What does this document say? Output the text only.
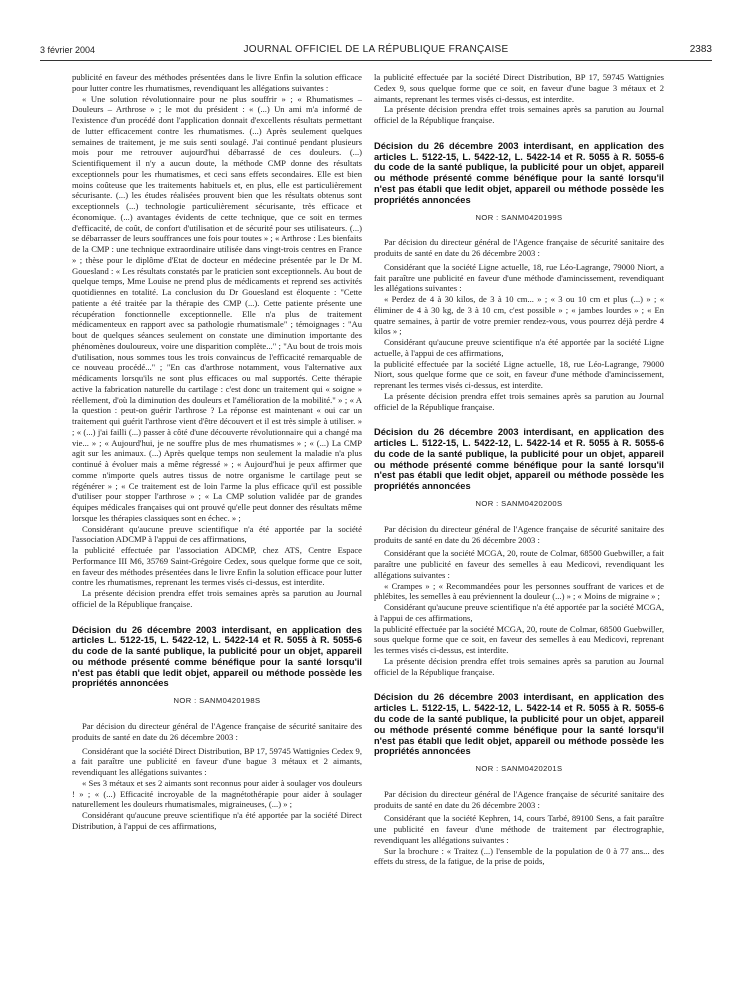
3 février 2004	JOURNAL OFFICIEL DE LA RÉPUBLIQUE FRANÇAISE	2383

publicité en faveur des méthodes présentées dans le livre Enfin la solution efficace pour lutter contre les rhumatismes, revendiquant les allégations suivantes :

« Une solution révolutionnaire pour ne plus souffrir » ; « Rhumatismes – Douleurs – Arthrose » ; le mot du président : « (...) Un ami m'a informé de l'existence d'un procédé dont l'application donnait d'excellents résultats permettant de lutter efficacement contre les rhumatismes. (...) Après seulement quelques semaines de traitement, je me suis senti soulagé. J'ai continué pendant plusieurs mois pour me retrouver aujourd'hui débarrassé de ces douleurs. (...) Scientifiquement il n'y a aucun doute, la méthode CMP donne des résultats exceptionnels pour les rhumatismes, et ceci sans effets secondaires. Elle est bien moins coûteuse que les traitements habituels et, en plus, elle est particulièrement sécurisante. (...) les études réalisées prouvent bien que les résultats obtenus sont exceptionnels (...) technologie particulièrement sécurisante, très efficace et économique. (...) avantages évidents de cette technique, que ce soit en termes d'efficacité, de coût, de confort d'utilisation et de sécurité pour ses utilisateurs. (...) se débarrasser de leurs souffrances une fois pour toutes » ; « Arthrose : Les bienfaits de la CMP : une technique extraordinaire utilisée dans vingt-trois centres en France » ; thèse pour le diplôme d'Etat de docteur en médecine présentée par le Dr M. Gouesland : « Les résultats constatés par le praticien sont exceptionnels. Au bout de quelque temps, Mme Louise ne prend plus de médicaments et reprend ses activités quotidiennes en totalité. La conclusion du Dr Gouesland est éloquente : "Cette patiente a été traitée par la thérapie des CMP (...). Cette patiente présente une récupération fonctionnelle exceptionnelle. Elle n'a plus de traitement médicamenteux en rapport avec sa pathologie rhumatismale" ; témoignages : "Au bout de quelques séances seulement on constate une diminution importante des phénomènes douloureux, voire une disparition complète..." ; "Au bout de trois mois d'utilisation, nous sommes tous les trois convaincus de l'efficacité remarquable de ce nouveau procédé..." ; "En cas d'arthrose notamment, vous l'alternative aux médicaments lorsqu'ils ne sont plus efficaces ou mal supportés. Cette thérapie active la fabrication naturelle du cartilage : c'est donc un traitement qui « soigne » réellement, d'où la diminution des douleurs et l'amélioration de la mobilité." » ; « A la question : peut-on guérir l'arthrose ? La réponse est maintenant « oui car un traitement qui guérit l'arthrose vient d'être découvert et il est très simple à utiliser. » ; « (...) j'ai failli (...) passer à côté d'une découverte révolutionnaire qui a changé ma vie... » ; « Aujourd'hui, je ne souffre plus de mes rhumatismes » ; « (...) La CMP agit sur les animaux. (...) Après quelque temps non seulement la maladie n'a plus continué à évoluer mais a même régressé » ; « Aujourd'hui je peux affirmer que comme n'importe quels autres tissus de notre organisme le cartilage peut se régénérer » ; « Ce traitement est de loin l'arme la plus efficace qu'il est possible d'utiliser pour stopper l'arthrose » ; « La CMP solution validée par de grandes équipes médicales françaises qui ont prouvé qu'elle peut donner des résultats même lorsque les thérapies classiques sont en échec. » ;

Considérant qu'aucune preuve scientifique n'a été apportée par la société l'association ADCMP à l'appui de ces affirmations,

la publicité effectuée par l'association ADCMP, chez ATS, Centre Espace Performance III M6, 35769 Saint-Grégoire Cedex, sous quelque forme que ce soit, en faveur des méthodes présentées dans le livre Enfin la solution efficace pour lutter contre les rhumatismes, reprenant les termes visés ci-dessus, est interdite.

La présente décision prendra effet trois semaines après sa parution au Journal officiel de la République française.

Décision du 26 décembre 2003 interdisant, en application des articles L. 5122-15, L. 5422-12, L. 5422-14 et R. 5055 à R. 5055-6 du code de la santé publique, la publicité pour un objet, appareil ou méthode présenté comme bénéfique pour la santé lorsqu'il n'est pas établi que ledit objet, appareil ou méthode possède les propriétés annoncées

NOR : SANM0420198S

Par décision du directeur général de l'Agence française de sécurité sanitaire des produits de santé en date du 26 décembre 2003 :

Considérant que la société Direct Distribution, BP 17, 59745 Wattignies Cedex 9, a fait paraître une publicité en faveur d'une bague 3 métaux et 2 aimants, revendiquant les allégations suivantes :

« Ses 3 métaux et ses 2 aimants sont reconnus pour aider à soulager vos douleurs ! » ; « (...) Efficacité incroyable de la magnétothérapie pour aider à soulager naturellement les douleurs rhumatismales, migraineuses, (...) » ;

Considérant qu'aucune preuve scientifique n'a été apportée par la société Direct Distribution, à l'appui de ces affirmations,

la publicité effectuée par la société Direct Distribution, BP 17, 59745 Wattignies Cedex 9, sous quelque forme que ce soit, en faveur d'une bague 3 métaux et 2 aimants, reprenant les termes visés ci-dessus, est interdite.

La présente décision prendra effet trois semaines après sa parution au Journal officiel de la République française.

Décision du 26 décembre 2003 interdisant, en application des articles L. 5122-15, L. 5422-12, L. 5422-14 et R. 5055 à R. 5055-6 du code de la santé publique, la publicité pour un objet, appareil ou méthode présenté comme bénéfique pour la santé lorsqu'il n'est pas établi que ledit objet, appareil ou méthode possède les propriétés annoncées

NOR : SANM0420199S

Par décision du directeur général de l'Agence française de sécurité sanitaire des produits de santé en date du 26 décembre 2003 :

Considérant que la société Ligne actuelle, 18, rue Léo-Lagrange, 79000 Niort, a fait paraître une publicité en faveur d'une méthode d'amincissement, revendiquant les allégations suivantes :

« Perdez de 4 à 30 kilos, de 3 à 10 cm... » ; « 3 ou 10 cm et plus (...) » ; « éliminer de 4 à 30 kg, de 3 à 10 cm, c'est possible » ; « jambes lourdes » ; « En quatre semaines, à partir de votre premier rendez-vous, vous pourrez déjà perdre 4 kilos » ;

Considérant qu'aucune preuve scientifique n'a été apportée par la société Ligne actuelle, à l'appui de ces affirmations,

la publicité effectuée par la société Ligne actuelle, 18, rue Léo-Lagrange, 79000 Niort, sous quelque forme que ce soit, en faveur d'une méthode d'amincissement, reprenant les termes visés ci-dessus, est interdite.

La présente décision prendra effet trois semaines après sa parution au Journal officiel de la République française.

Décision du 26 décembre 2003 interdisant, en application des articles L. 5122-15, L. 5422-12, L. 5422-14 et R. 5055 à R. 5055-6 du code de la santé publique, la publicité pour un objet, appareil ou méthode présenté comme bénéfique pour la santé lorsqu'il n'est pas établi que ledit objet, appareil ou méthode possède les propriétés annoncées

NOR : SANM0420200S

Par décision du directeur général de l'Agence française de sécurité sanitaire des produits de santé en date du 26 décembre 2003 :

Considérant que la société MCGA, 20, route de Colmar, 68500 Guebwiller, a fait paraître une publicité en faveur des semelles à eau Medicovi, revendiquant les allégations suivantes :

« Crampes » ; « Recommandées pour les personnes souffrant de varices et de phlébites, les semelles à eau préviennent la douleur (...) » ; « Moins de migraine » ;

Considérant qu'aucune preuve scientifique n'a été apportée par la société MCGA, à l'appui de ces affirmations,

la publicité effectuée par la société MCGA, 20, route de Colmar, 68500 Guebwiller, sous quelque forme que ce soit, en faveur des semelles à eau Medicovi, reprenant les termes visés ci-dessus, est interdite.

La présente décision prendra effet trois semaines après sa parution au Journal officiel de la République française.

Décision du 26 décembre 2003 interdisant, en application des articles L. 5122-15, L. 5422-12, L. 5422-14 et R. 5055 à R. 5055-6 du code de la santé publique, la publicité pour un objet, appareil ou méthode présenté comme bénéfique pour la santé lorsqu'il n'est pas établi que ledit objet, appareil ou méthode possède les propriétés annoncées

NOR : SANM0420201S

Par décision du directeur général de l'Agence française de sécurité sanitaire des produits de santé en date du 26 décembre 2003 :

Considérant que la société Kephren, 14, cours Tarbé, 89100 Sens, a fait paraître une publicité en faveur d'une méthode de traitement par électrographie, revendiquant les allégations suivantes :

Sur la brochure : « Traitez (...) l'ensemble de la population de 0 à 77 ans... des effets du stress, de la fatigue, de la prise de poids,
